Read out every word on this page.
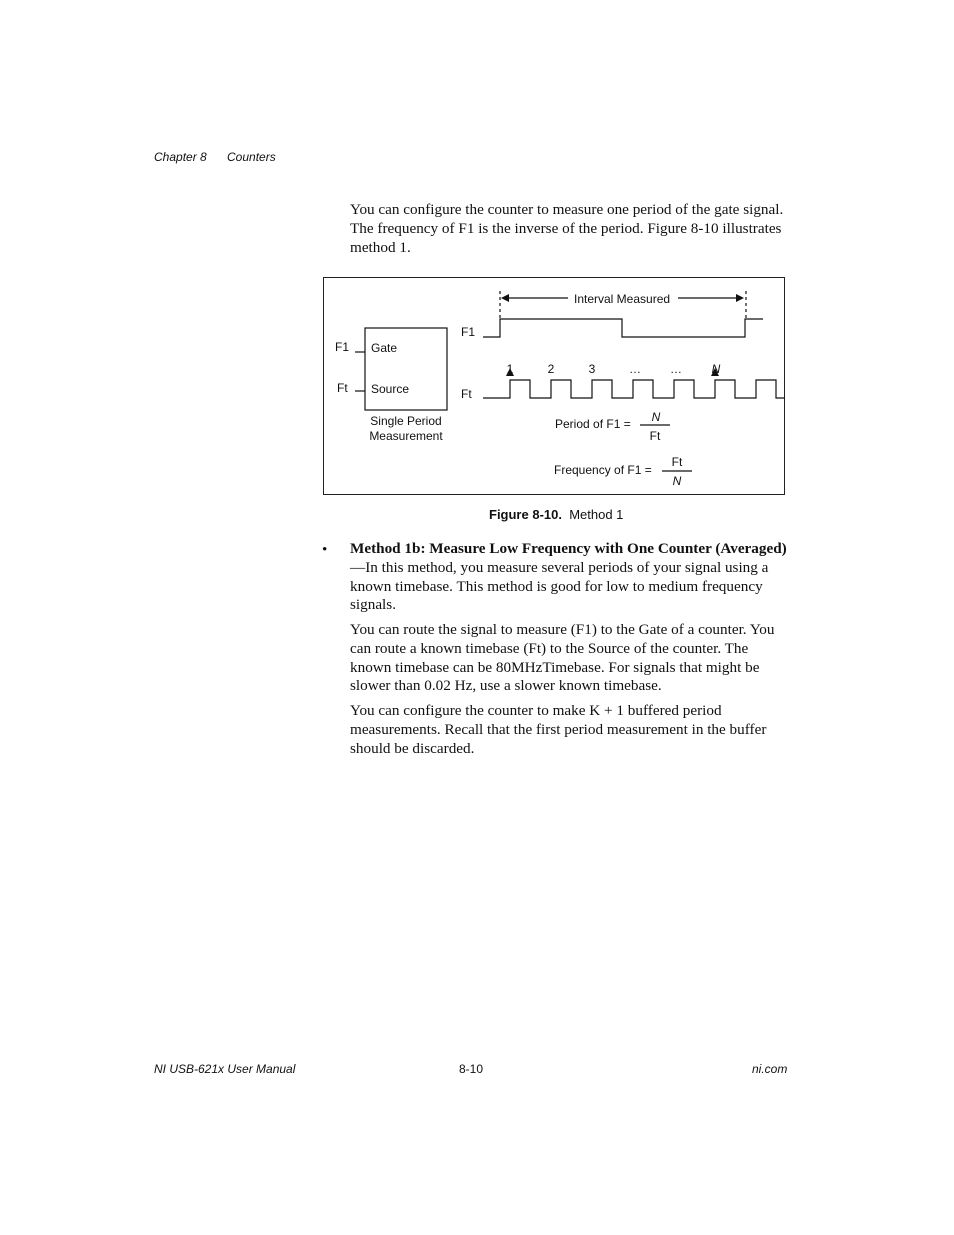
Chapter 8 Counters

You can configure the counter to measure one period of the gate signal. The frequency of F1 is the inverse of the period. Figure 8-10 illustrates method 1.

Interval Measured
F1
Ft
F1
Ft
Gate
Source
Single Period
Measurement
1	2	3	… … N
Period of F1 = N
Ft
Frequency of F1 =
Ft
N
Figure 8-10. Method 1
• Method 1b: Measure Low Frequency with One Counter (Averaged)—In this method, you measure several periods of your signal using a known timebase. This method is good for low to medium frequency signals.

You can route the signal to measure (F1) to the Gate of a counter. You can route a known timebase (Ft) to the Source of the counter. The known timebase can be 80MHzTimebase. For signals that might be slower than 0.02 Hz, use a slower known timebase.

You can configure the counter to make K + 1 buffered period measurements. Recall that the first period measurement in the buffer should be discarded.

NI USB-621x User Manual	8-10	ni.com
